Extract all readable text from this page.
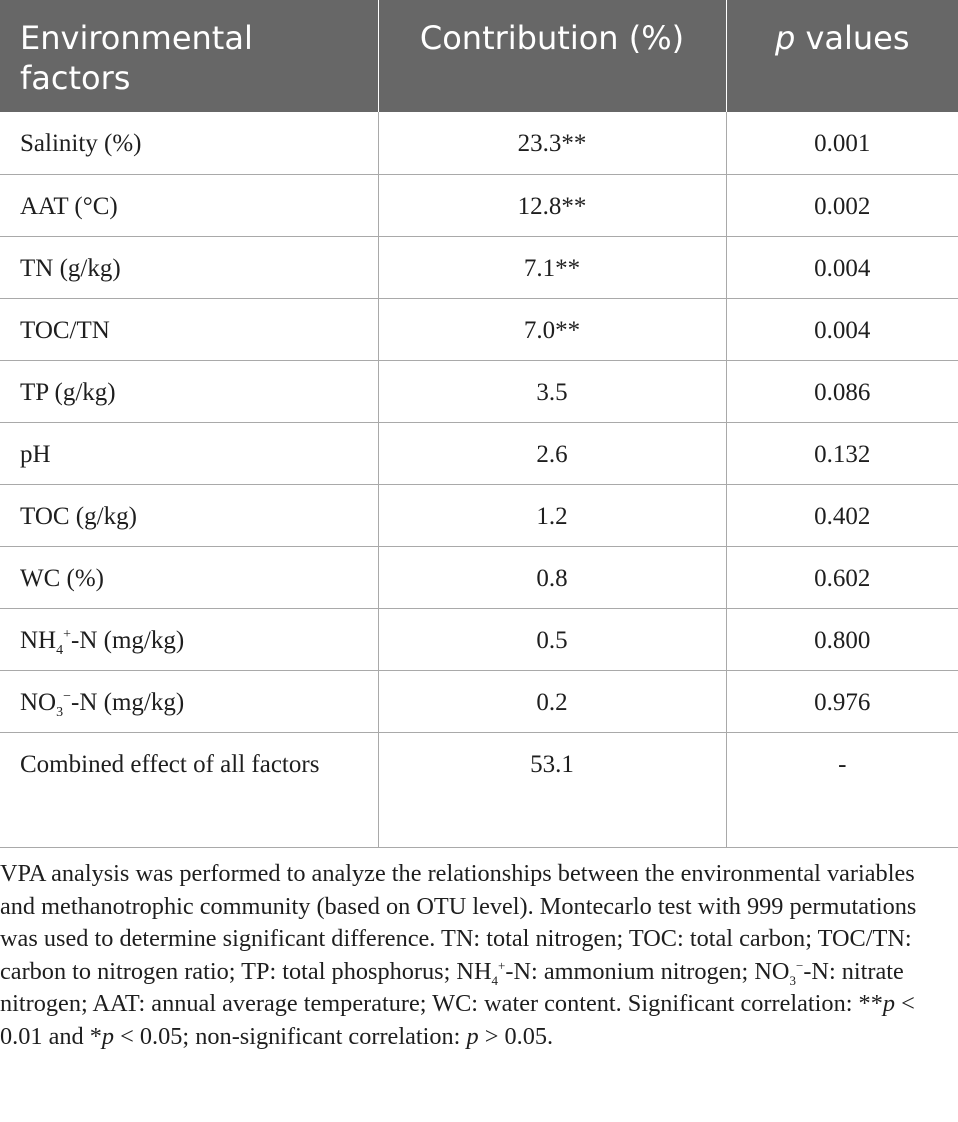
Environmental factors	Contribution (%)	p values
Salinity (%)	23.3**	0.001
AAT (°C)	12.8**	0.002
TN (g/kg)	7.1**	0.004
TOC/TN	7.0**	0.004
TP (g/kg)	3.5	0.086
pH	2.6	0.132
TOC (g/kg)	1.2	0.402
WC (%)	0.8	0.602
$NH_4^+-N$ (mg/kg)	0.5	0.800
$NO_3^--N$ (mg/kg)	0.2	0.976
Combined effect of all factors	53.1	-
VPA analysis was performed to analyze the relationships between the environmental variables and methanotrophic community (based on OTU level). Montecarlo test with 999 permutations was used to determine significant difference. TN: total nitrogen; TOC: total carbon; TOC/TN: carbon to nitrogen ratio; TP: total phosphorus; $NH_4^+-N$: ammonium nitrogen; $NO_3^--N$: nitrate nitrogen; AAT: annual average temperature; WC: water content. Significant correlation: **p < 0.01 and *p < 0.05; non-significant correlation: p > 0.05.
